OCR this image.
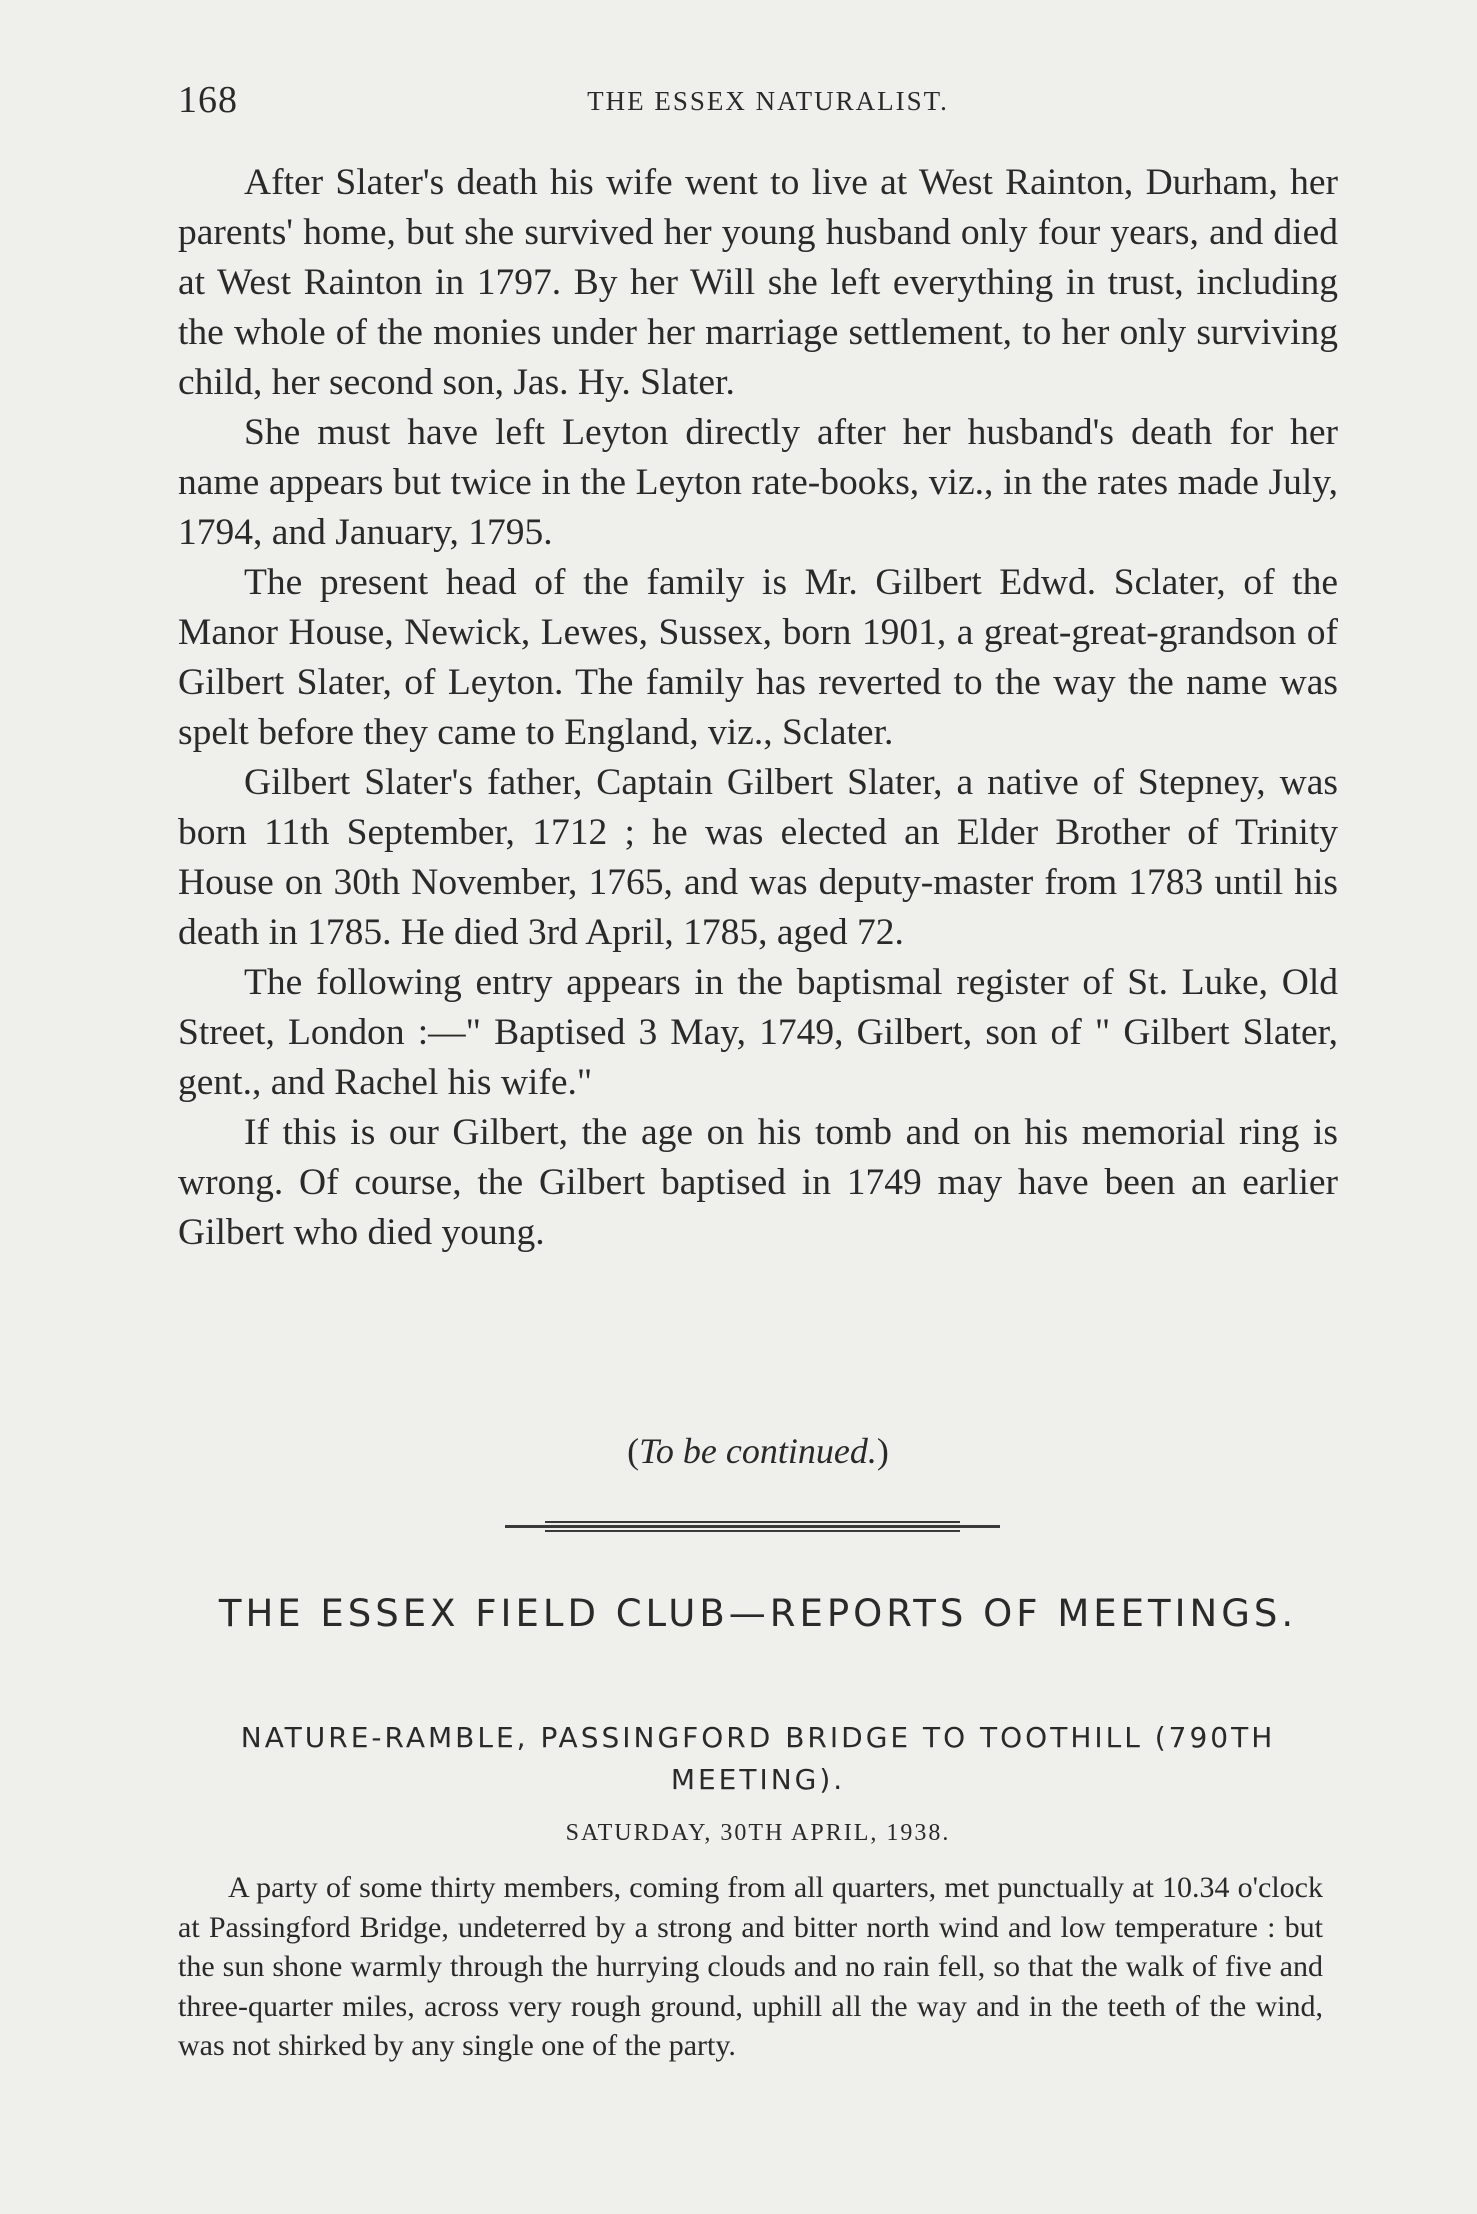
168	THE ESSEX NATURALIST.

After Slater's death his wife went to live at West Rainton, Durham, her parents' home, but she survived her young husband only four years, and died at West Rainton in 1797. By her Will she left everything in trust, including the whole of the monies under her marriage settlement, to her only surviving child, her second son, Jas. Hy. Slater.

She must have left Leyton directly after her husband's death for her name appears but twice in the Leyton rate-books, viz., in the rates made July, 1794, and January, 1795.

The present head of the family is Mr. Gilbert Edwd. Sclater, of the Manor House, Newick, Lewes, Sussex, born 1901, a great-great-grandson of Gilbert Slater, of Leyton. The family has reverted to the way the name was spelt before they came to England, viz., Sclater.

Gilbert Slater's father, Captain Gilbert Slater, a native of Stepney, was born 11th September, 1712 ; he was elected an Elder Brother of Trinity House on 30th November, 1765, and was deputy-master from 1783 until his death in 1785. He died 3rd April, 1785, aged 72.

The following entry appears in the baptismal register of St. Luke, Old Street, London :—" Baptised 3 May, 1749, Gilbert, son of " Gilbert Slater, gent., and Rachel his wife."

If this is our Gilbert, the age on his tomb and on his memorial ring is wrong. Of course, the Gilbert baptised in 1749 may have been an earlier Gilbert who died young.

(To be continued.)
THE ESSEX FIELD CLUB—REPORTS OF MEETINGS.
NATURE-RAMBLE, PASSINGFORD BRIDGE TO TOOTHILL (790TH MEETING).
SATURDAY, 30TH APRIL, 1938.

A party of some thirty members, coming from all quarters, met punctually at 10.34 o'clock at Passingford Bridge, undeterred by a strong and bitter north wind and low temperature : but the sun shone warmly through the hurrying clouds and no rain fell, so that the walk of five and three-quarter miles, across very rough ground, uphill all the way and in the teeth of the wind, was not shirked by any single one of the party.
